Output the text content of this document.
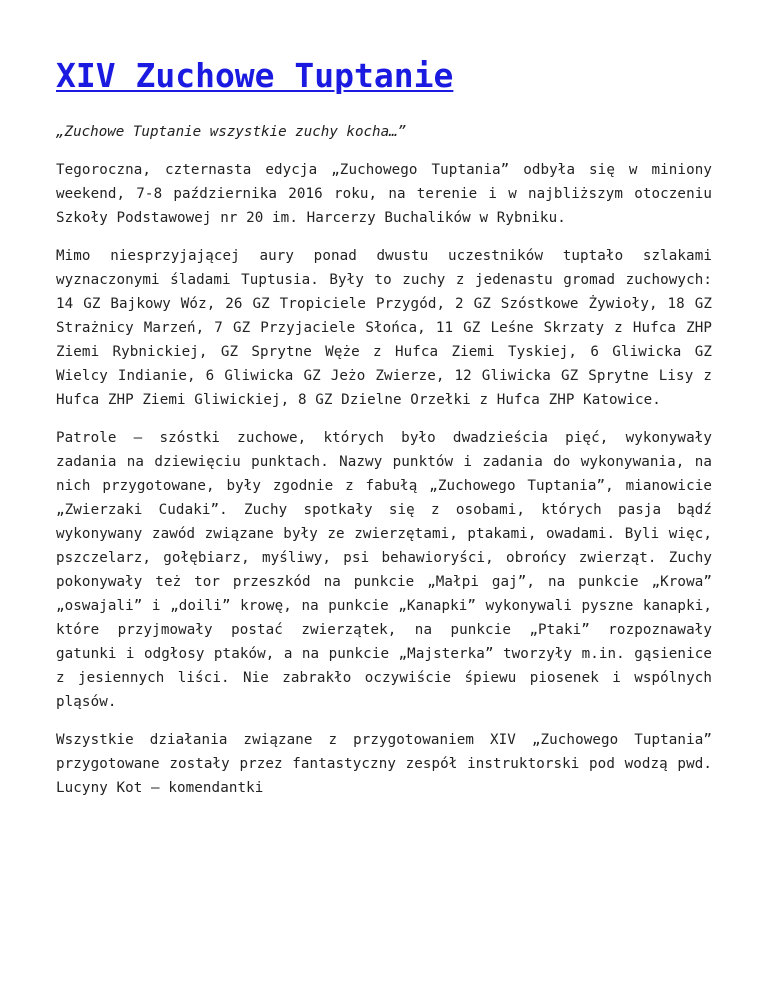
XIV Zuchowe Tuptanie

„Zuchowe Tuptanie wszystkie zuchy kocha…”

Tegoroczna, czternasta edycja „Zuchowego Tuptania” odbyła się w miniony weekend, 7-8 października 2016 roku, na terenie i w najbliższym otoczeniu Szkoły Podstawowej nr 20 im. Harcerzy Buchalików w Rybniku.

Mimo niesprzyjającej aury ponad dwustu uczestników tuptało szlakami wyznaczonymi śladami Tuptusia. Były to zuchy z jedenastu gromad zuchowych: 14 GZ Bajkowy Wóz, 26 GZ Tropiciele Przygód, 2 GZ Szóstkowe Żywioły, 18 GZ Strażnicy Marzeń, 7 GZ Przyjaciele Słońca, 11 GZ Leśne Skrzaty z Hufca ZHP Ziemi Rybnickiej, GZ Sprytne Węże z Hufca Ziemi Tyskiej, 6 Gliwicka GZ Wielcy Indianie, 6 Gliwicka GZ Jeżo Zwierze, 12 Gliwicka GZ Sprytne Lisy z Hufca ZHP Ziemi Gliwickiej, 8 GZ Dzielne Orzełki z Hufca ZHP Katowice.

Patrole – szóstki zuchowe, których było dwadzieścia pięć, wykonywały zadania na dziewięciu punktach. Nazwy punktów i zadania do wykonywania, na nich przygotowane, były zgodnie z fabułą „Zuchowego Tuptania”, mianowicie „Zwierzaki Cudaki”. Zuchy spotkały się z osobami, których pasja bądź wykonywany zawód związane były ze zwierzętami, ptakami, owadami. Byli więc, pszczelarz, gołębiarz, myśliwy, psi behawioryści, obrońcy zwierząt. Zuchy pokonywały też tor przeszkód na punkcie „Małpi gaj”, na punkcie „Krowa” „oswajali” i „doili” krowę, na punkcie „Kanapki” wykonywali pyszne kanapki, które przyjmowały postać zwierzątek, na punkcie „Ptaki” rozpoznawały gatunki i odgłosy ptaków, a na punkcie „Majsterka” tworzyły m.in. gąsienice z jesiennych liści. Nie zabrakło oczywiście śpiewu piosenek i wspólnych pląsów.

Wszystkie działania związane z przygotowaniem XIV „Zuchowego Tuptania” przygotowane zostały przez fantastyczny zespół instruktorski pod wodzą pwd. Lucyny Kot – komendantki
